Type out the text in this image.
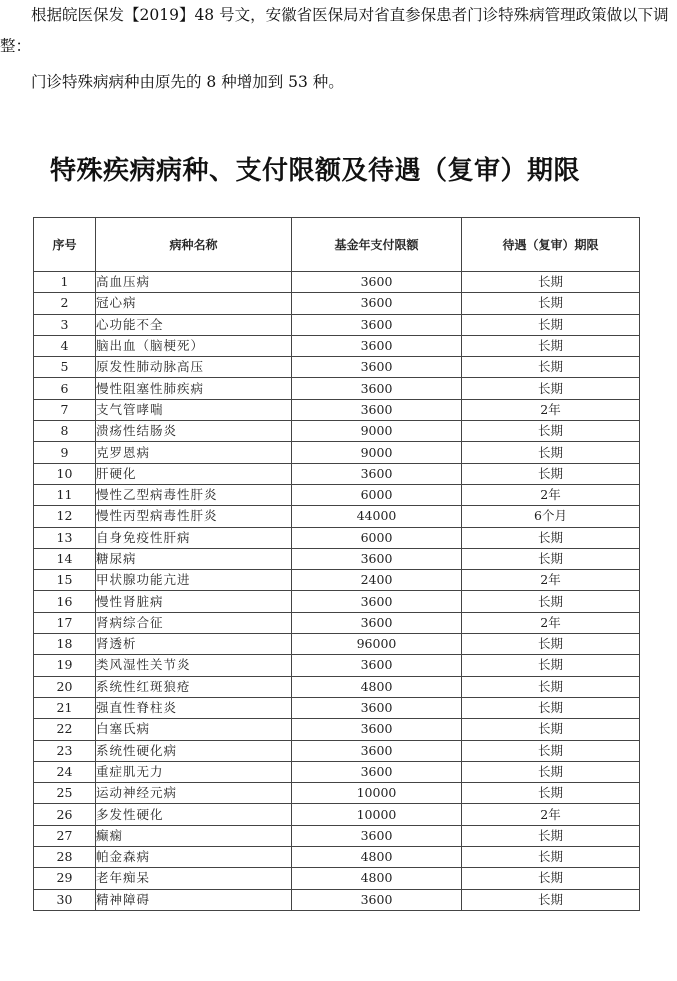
根据皖医保发【2019】48 号文，安徽省医保局对省直参保患者门诊特殊病管理政策做以下调整：

门诊特殊病病种由原先的 8 种增加到 53 种。

特殊疾病病种、支付限额及待遇（复审）期限
序号	病种名称	基金年支付限额	待遇（复审）期限
1	高血压病	3600	长期
2	冠心病	3600	长期
3	心功能不全	3600	长期
4	脑出血（脑梗死）	3600	长期
5	原发性肺动脉高压	3600	长期
6	慢性阻塞性肺疾病	3600	长期
7	支气管哮喘	3600	2年
8	溃疡性结肠炎	9000	长期
9	克罗恩病	9000	长期
10	肝硬化	3600	长期
11	慢性乙型病毒性肝炎	6000	2年
12	慢性丙型病毒性肝炎	44000	6个月
13	自身免疫性肝病	6000	长期
14	糖尿病	3600	长期
15	甲状腺功能亢进	2400	2年
16	慢性肾脏病	3600	长期
17	肾病综合征	3600	2年
18	肾透析	96000	长期
19	类风湿性关节炎	3600	长期
20	系统性红斑狼疮	4800	长期
21	强直性脊柱炎	3600	长期
22	白塞氏病	3600	长期
23	系统性硬化病	3600	长期
24	重症肌无力	3600	长期
25	运动神经元病	10000	长期
26	多发性硬化	10000	2年
27	癫痫	3600	长期
28	帕金森病	4800	长期
29	老年痴呆	4800	长期
30	精神障碍	3600	长期
